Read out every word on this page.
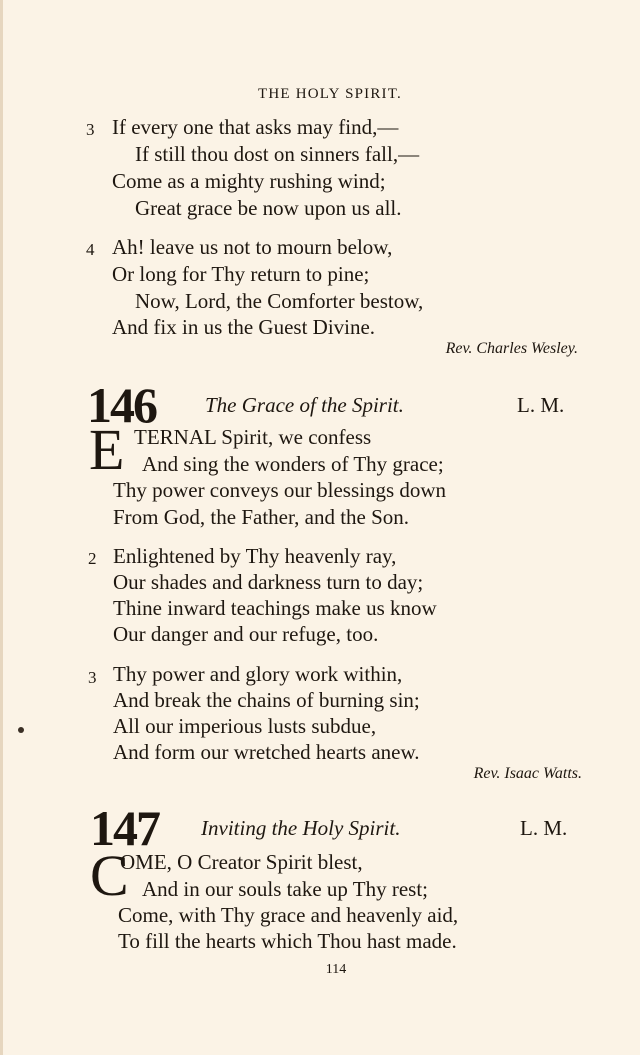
THE HOLY SPIRIT.
3 If every one that asks may find,—
If still thou dost on sinners fall,—
Come as a mighty rushing wind;
Great grace be now upon us all.
4 Ah! leave us not to mourn below,
Or long for Thy return to pine;
Now, Lord, the Comforter bestow,
And fix in us the Guest Divine.
Rev. Charles Wesley.
146 The Grace of the Spirit.	L. M.
E TERNAL Spirit, we confess
And sing the wonders of Thy grace;
Thy power conveys our blessings down
From God, the Father, and the Son.
2 Enlightened by Thy heavenly ray,
Our shades and darkness turn to day;
Thine inward teachings make us know
Our danger and our refuge, too.
3 Thy power and glory work within,
And break the chains of burning sin;
All our imperious lusts subdue,
And form our wretched hearts anew.
Rev. Isaac Watts.
147 Inviting the Holy Spirit.	L. M.
C
OME, O Creator Spirit blest,
And in our souls take up Thy rest;
Come, with Thy grace and heavenly aid,
To fill the hearts which Thou hast made.
114
